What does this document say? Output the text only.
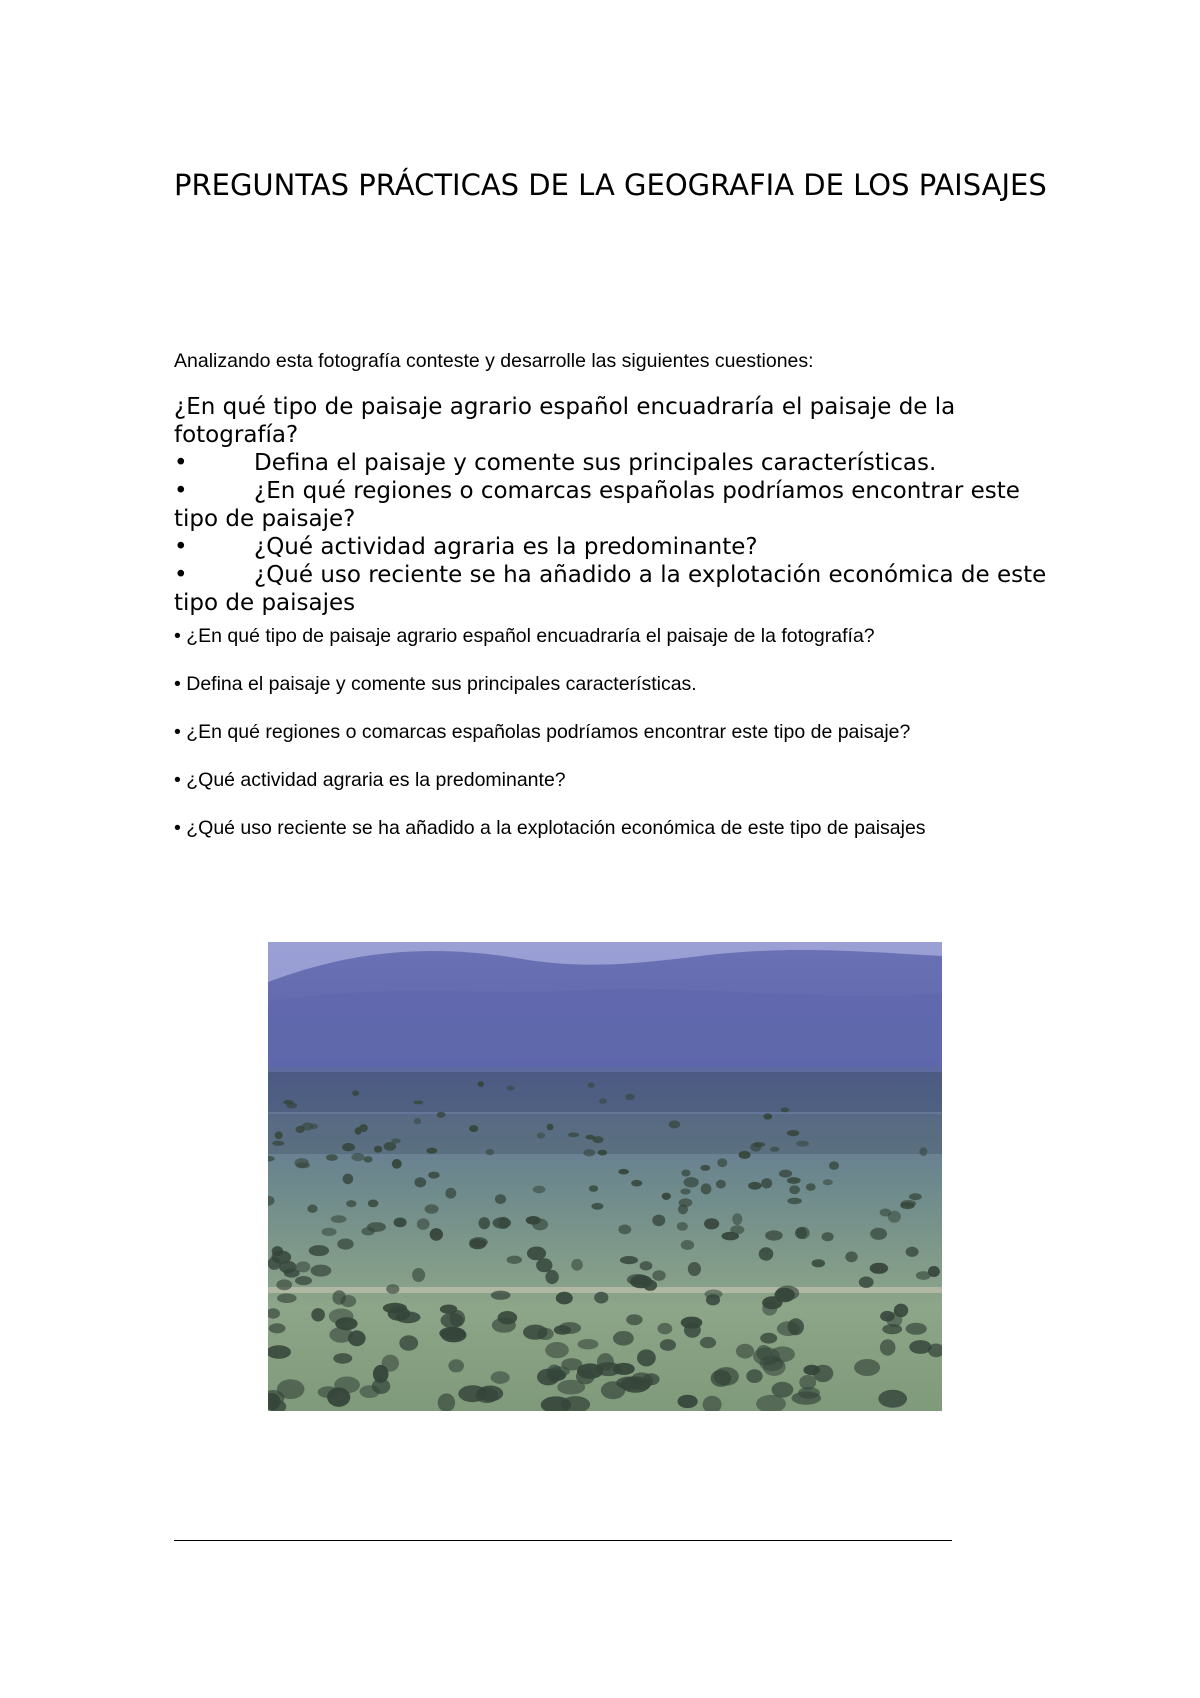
PREGUNTAS PRÁCTICAS DE LA GEOGRAFIA DE LOS PAISAJES

Analizando esta fotografía conteste y desarrolle las siguientes cuestiones:

¿En qué tipo de paisaje agrario español encuadraría el paisaje de la fotografía?

•	Defina el paisaje y comente sus principales características.

•	¿En qué regiones o comarcas españolas podríamos encontrar este tipo de paisaje?

•	¿Qué actividad agraria es la predominante?

•	¿Qué uso reciente se ha añadido a la explotación económica de este tipo de paisajes

• ¿En qué tipo de paisaje agrario español encuadraría el paisaje de la fotografía?

• Defina el paisaje y comente sus principales características.

• ¿En qué regiones o comarcas españolas podríamos encontrar este tipo de paisaje?

• ¿Qué actividad agraria es la predominante?

• ¿Qué uso reciente se ha añadido a la explotación económica de este tipo de paisajes
